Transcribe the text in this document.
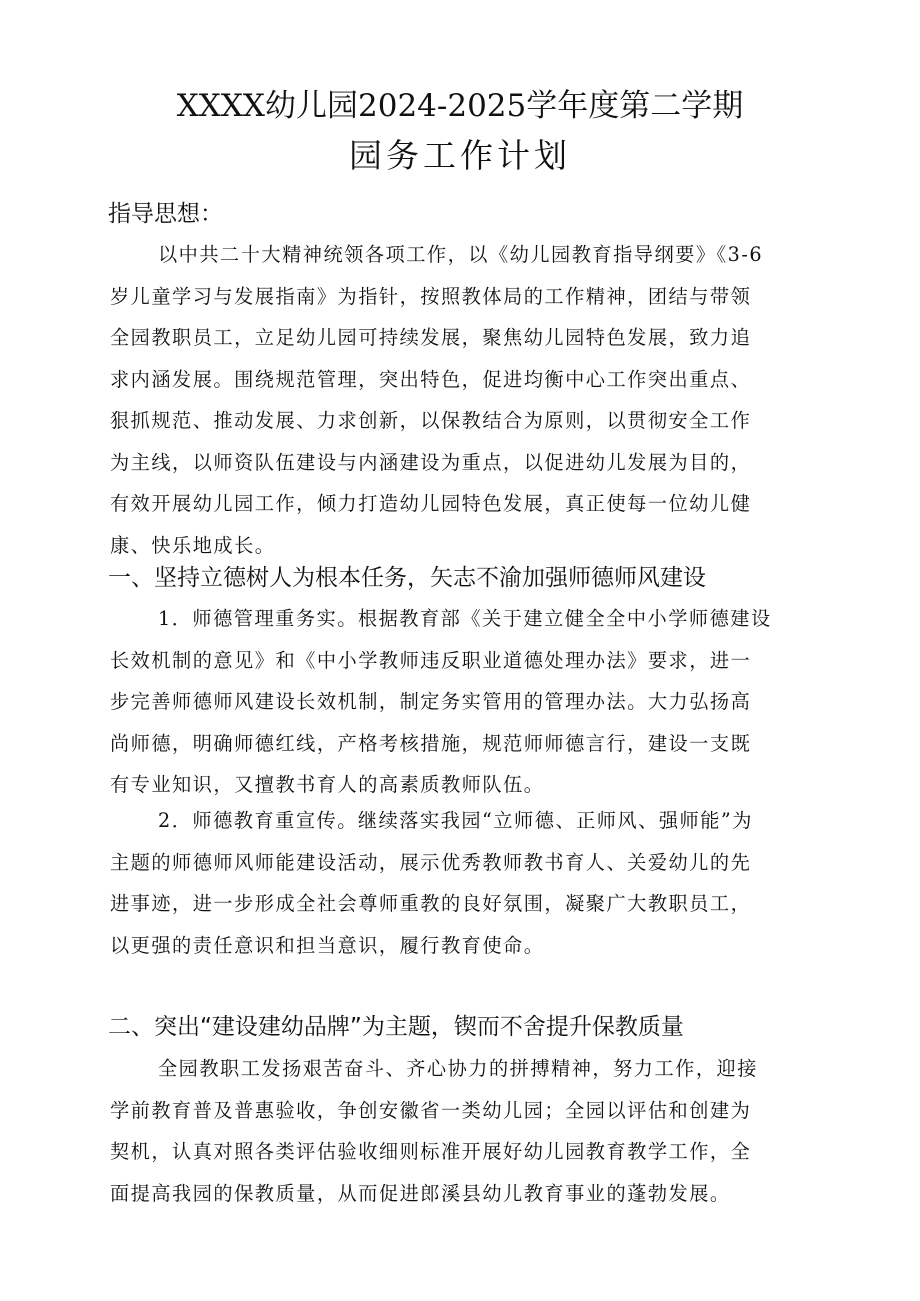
XXXX幼儿园2024-2025学年度第二学期
园务工作计划
指导思想：
以中共二十大精神统领各项工作，以《幼儿园教育指导纲要》《3-6
岁儿童学习与发展指南》为指针，按照教体局的工作精神，团结与带领
全园教职员工，立足幼儿园可持续发展，聚焦幼儿园特色发展，致力追
求内涵发展。围绕规范管理，突出特色，促进均衡中心工作突出重点、
狠抓规范、推动发展、力求创新，以保教结合为原则，以贯彻安全工作
为主线，以师资队伍建设与内涵建设为重点，以促进幼儿发展为目的，
有效开展幼儿园工作，倾力打造幼儿园特色发展，真正使每一位幼儿健
康、快乐地成长。
一、坚持立德树人为根本任务，矢志不渝加强师德师风建设
1．师德管理重务实。根据教育部《关于建立健全全中小学师德建设
长效机制的意见》和《中小学教师违反职业道德处理办法》要求，进一
步完善师德师风建设长效机制，制定务实管用的管理办法。大力弘扬高
尚师德，明确师德红线，产格考核措施，规范师师德言行，建设一支既
有专业知识，又擅教书育人的高素质教师队伍。
2．师德教育重宣传。继续落实我园“立师德、正师风、强师能”为
主题的师德师风师能建设活动，展示优秀教师教书育人、关爱幼儿的先
进事迹，进一步形成全社会尊师重教的良好氛围，凝聚广大教职员工，
以更强的责任意识和担当意识，履行教育使命。
二、突出“建设建幼品牌”为主题，锲而不舍提升保教质量
全园教职工发扬艰苦奋斗、齐心协力的拼搏精神，努力工作，迎接
学前教育普及普惠验收，争创安徽省一类幼儿园；全园以评估和创建为
契机，认真对照各类评估验收细则标准开展好幼儿园教育教学工作，全
面提高我园的保教质量，从而促进郎溪县幼儿教育事业的蓬勃发展。
